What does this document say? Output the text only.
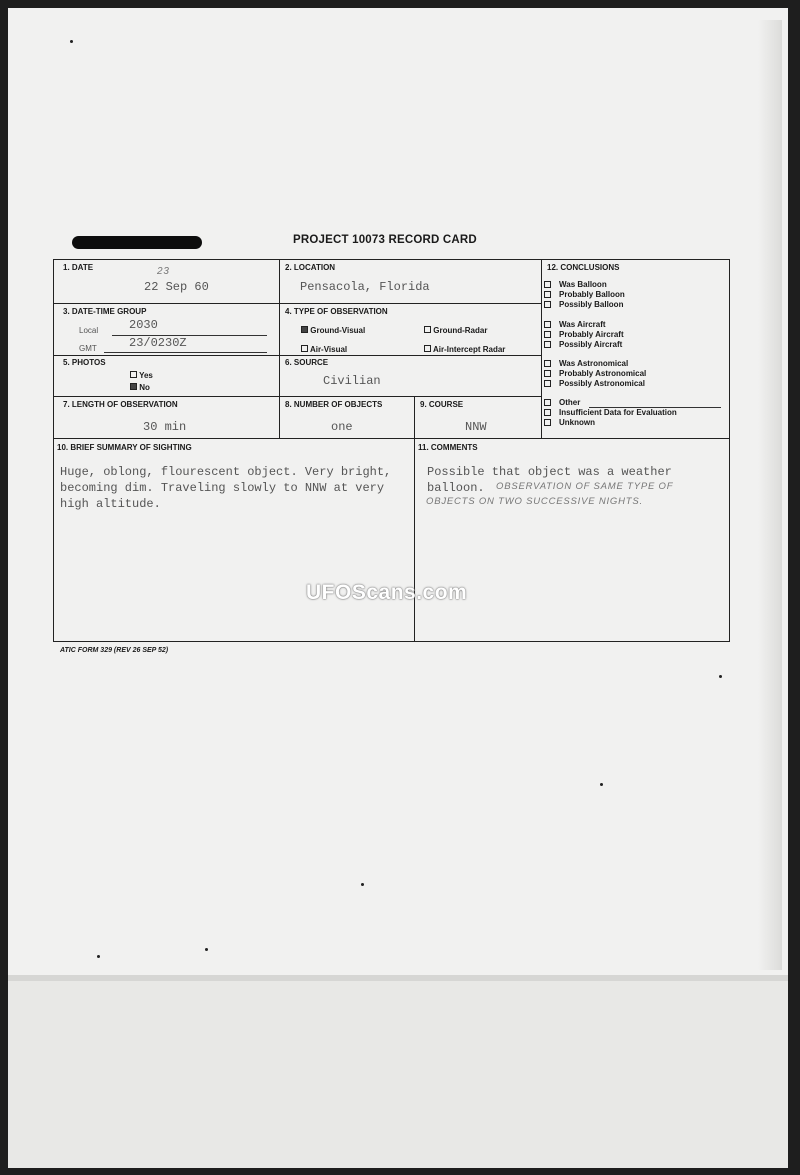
PROJECT 10073 RECORD CARD
1. DATE	23
22 Sep 60
2. LOCATION
Pensacola, Florida
3. DATE-TIME GROUP
Local	2030
GMT	23/0230Z
4. TYPE OF OBSERVATION
Ground-Visual	Ground-Radar
Air-Visual	Air-Intercept Radar
5. PHOTOS
Yes
No
6. SOURCE
Civilian
7. LENGTH OF OBSERVATION
30 min
8. NUMBER OF OBJECTS
one
9. COURSE
NNW
12. CONCLUSIONS
Was Balloon
Probably Balloon
Possibly Balloon
Was Aircraft
Probably Aircraft
Possibly Aircraft
Was Astronomical
Probably Astronomical
Possibly Astronomical
Other
Insufficient Data for Evaluation
Unknown
10. BRIEF SUMMARY OF SIGHTING
Huge, oblong, flourescent object. Very bright,
becoming dim. Traveling slowly to NNW at very
high altitude.
11. COMMENTS
Possible that object was a weather
balloon. OBSERVATION OF SAME TYPE OF
OBJECTS ON TWO SUCCESSIVE NIGHTS.
UFOScans.com
ATIC FORM 329 (REV 26 SEP 52)
